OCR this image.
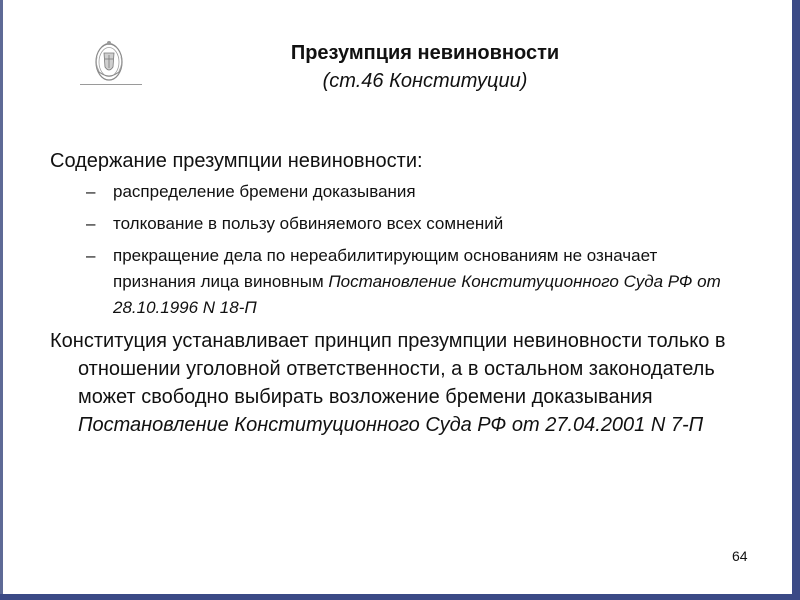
Презумпция невиновности
(ст.46 Конституции)

Содержание презумпции невиновности:

– распределение бремени доказывания
– толкование в пользу обвиняемого всех сомнений
– прекращение дела по нереабилитирующим основаниям не означает признания лица виновным Постановление Конституционного Суда РФ от 28.10.1996 N 18-П

Конституция устанавливает принцип презумпции невиновности только в отношении уголовной ответственности, а в остальном законодатель может свободно выбирать возложение бремени доказывания Постановление Конституционного Суда РФ от 27.04.2001 N 7-П

64
